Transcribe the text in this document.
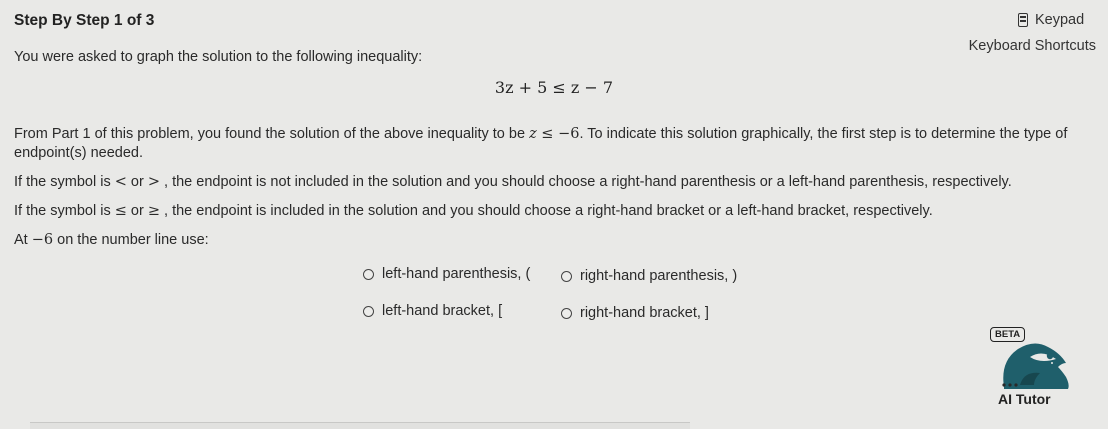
Step By Step 1 of 3	Keypad
Keyboard Shortcuts
You were asked to graph the solution to the following inequality:
3z + 5 ≤ z − 7
From Part 1 of this problem, you found the solution of the above inequality to be z ≤ −6. To indicate this solution graphically, the first step is to determine the type of endpoint(s) needed.
If the symbol is < or > , the endpoint is not included in the solution and you should choose a right-hand parenthesis or a left-hand parenthesis, respectively.
If the symbol is ≤ or ≥ , the endpoint is included in the solution and you should choose a right-hand bracket or a left-hand bracket, respectively.
At −6 on the number line use:
left-hand parenthesis, (	right-hand parenthesis, )
left-hand bracket, [	right-hand bracket, ]
BETA
AI Tutor
